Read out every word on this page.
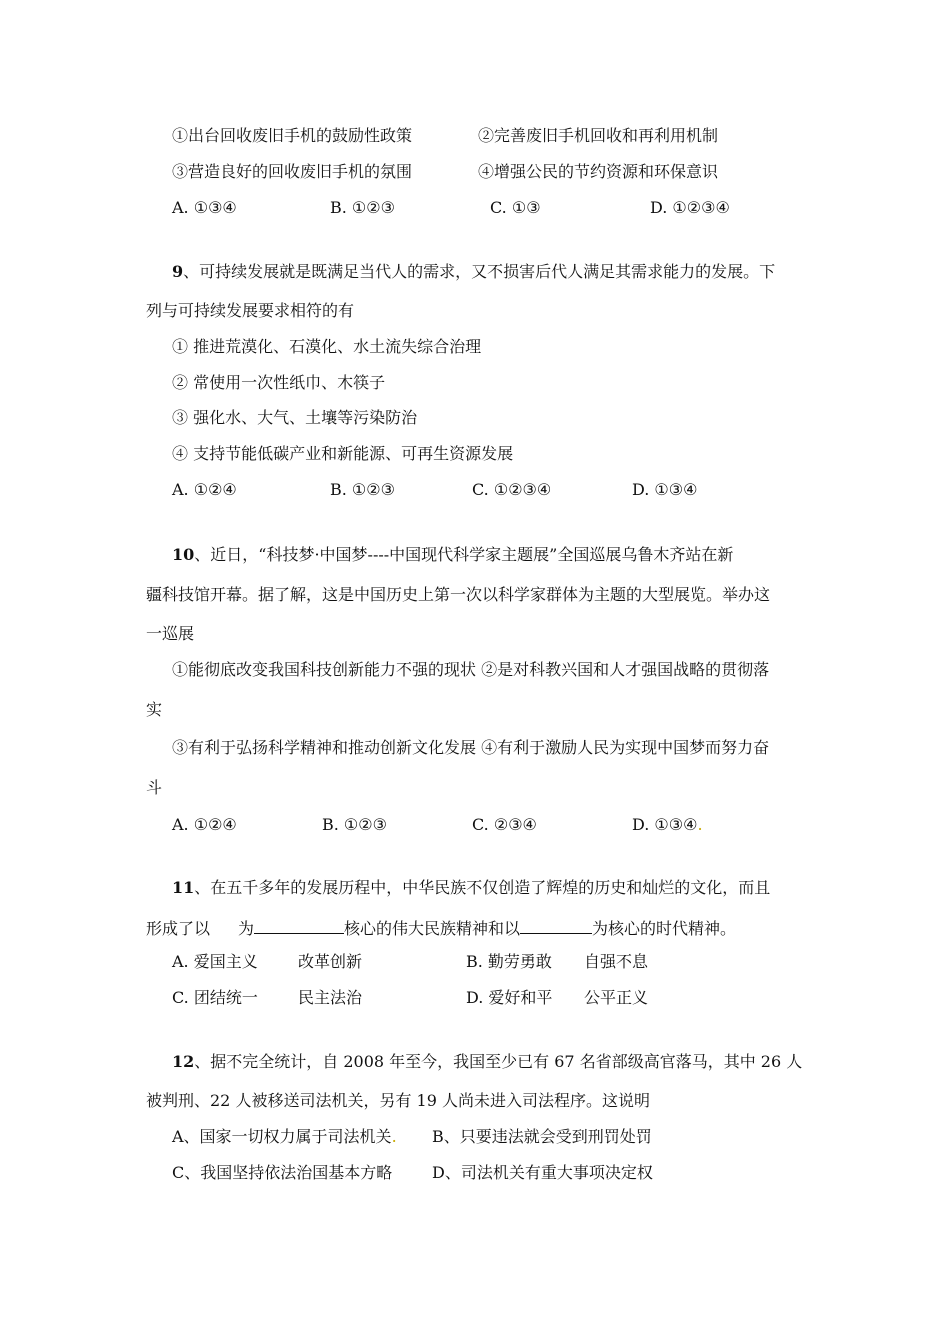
①出台回收废旧手机的鼓励性政策	②完善废旧手机回收和再利用机制
③营造良好的回收废旧手机的氛围	④增强公民的节约资源和环保意识
A. ①③④	B. ①②③	C. ①③	D. ①②③④
9、可持续发展就是既满足当代人的需求，又不损害后代人满足其需求能力的发展。下
列与可持续发展要求相符的有
① 推进荒漠化、石漠化、水土流失综合治理
② 常使用一次性纸巾、木筷子
③ 强化水、大气、土壤等污染防治
④ 支持节能低碳产业和新能源、可再生资源发展
A. ①②④	B. ①②③	C. ①②③④	D. ①③④
10、近日，“科技梦·中国梦----中国现代科学家主题展”全国巡展乌鲁木齐站在新
疆科技馆开幕。据了解，这是中国历史上第一次以科学家群体为主题的大型展览。举办这
一巡展
①能彻底改变我国科技创新能力不强的现状 ②是对科教兴国和人才强国战略的贯彻落
实
③有利于弘扬科学精神和推动创新文化发展 ④有利于激励人民为实现中国梦而努力奋
斗
A. ①②④	B. ①②③	C. ②③④	D. ①③④.
11、在五千多年的发展历程中，中华民族不仅创造了辉煌的历史和灿烂的文化，而且
形成了以 为	核心的伟大民族精神和以	为核心的时代精神。
A. 爱国主义	改革创新	B. 勤劳勇敢 自强不息
C. 团结统一	民主法治	D. 爱好和平 公平正义
12、据不完全统计，自 2008 年至今，我国至少已有 67 名省部级高官落马，其中 26 人
被判刑、22 人被移送司法机关，另有 19 人尚未进入司法程序。这说明
A、国家一切权力属于司法机关. B、只要违法就会受到刑罚处罚
C、我国坚持依法治国基本方略 D、司法机关有重大事项决定权
